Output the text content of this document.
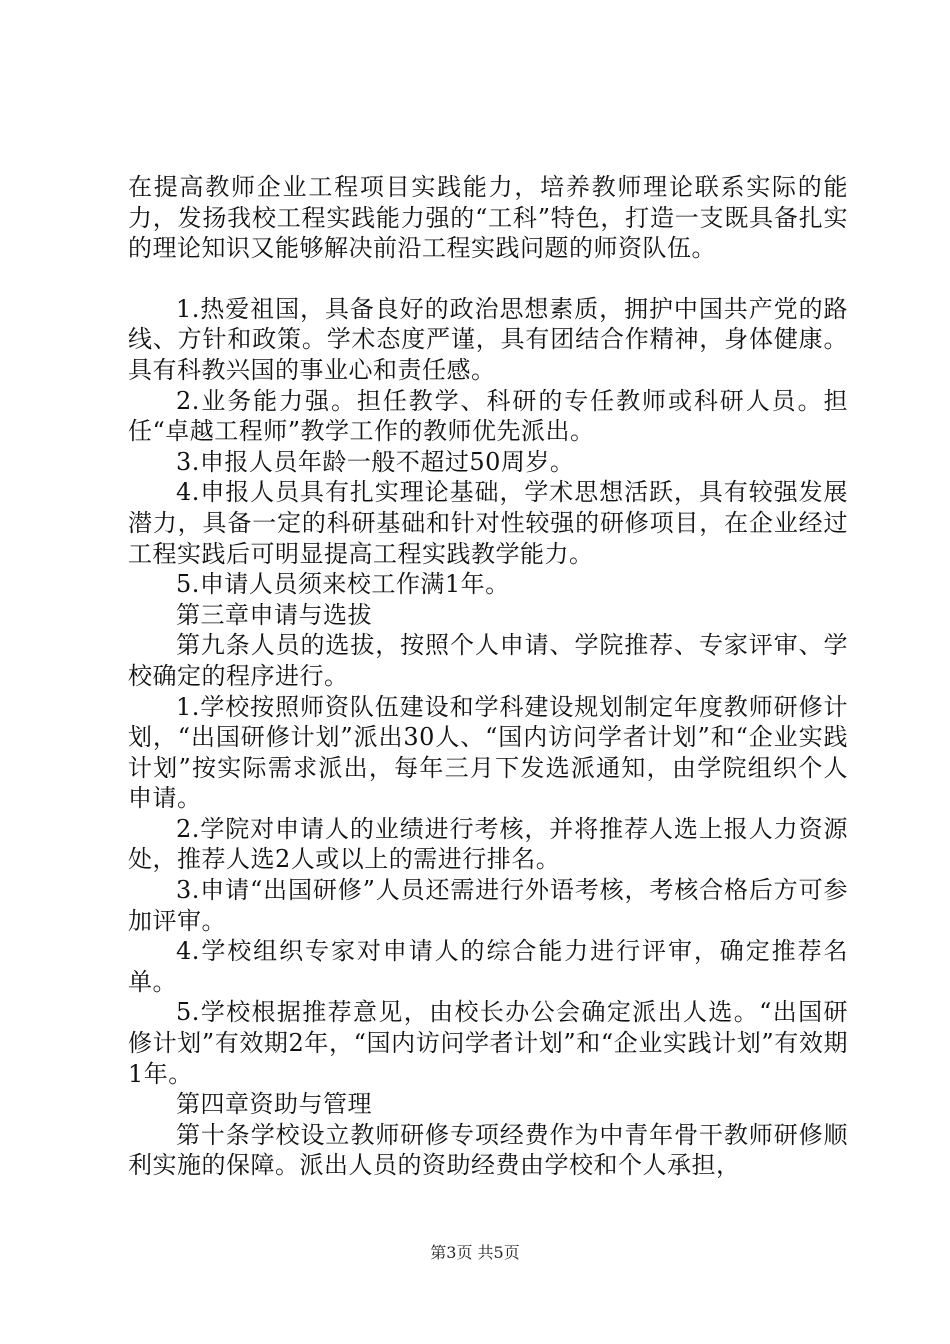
在提高教师企业工程项目实践能力，培养教师理论联系实际的能力，发扬我校工程实践能力强的“工科”特色，打造一支既具备扎实的理论知识又能够解决前沿工程实践问题的师资队伍。

1.热爱祖国，具备良好的政治思想素质，拥护中国共产党的路线、方针和政策。学术态度严谨，具有团结合作精神，身体健康。具有科教兴国的事业心和责任感。

2.业务能力强。担任教学、科研的专任教师或科研人员。担任“卓越工程师”教学工作的教师优先派出。

3.申报人员年龄一般不超过50周岁。

4.申报人员具有扎实理论基础，学术思想活跃，具有较强发展潜力，具备一定的科研基础和针对性较强的研修项目，在企业经过工程实践后可明显提高工程实践教学能力。

5.申请人员须来校工作满1年。

第三章申请与选拔

第九条人员的选拔，按照个人申请、学院推荐、专家评审、学校确定的程序进行。

1.学校按照师资队伍建设和学科建设规划制定年度教师研修计划，“出国研修计划”派出30人、“国内访问学者计划”和“企业实践计划”按实际需求派出，每年三月下发选派通知，由学院组织个人申请。

2.学院对申请人的业绩进行考核，并将推荐人选上报人力资源处，推荐人选2人或以上的需进行排名。

3.申请“出国研修”人员还需进行外语考核，考核合格后方可参加评审。

4.学校组织专家对申请人的综合能力进行评审，确定推荐名单。

5.学校根据推荐意见，由校长办公会确定派出人选。“出国研修计划”有效期2年，“国内访问学者计划”和“企业实践计划”有效期1年。

第四章资助与管理

第十条学校设立教师研修专项经费作为中青年骨干教师研修顺利实施的保障。派出人员的资助经费由学校和个人承担，

第3页 共5页
